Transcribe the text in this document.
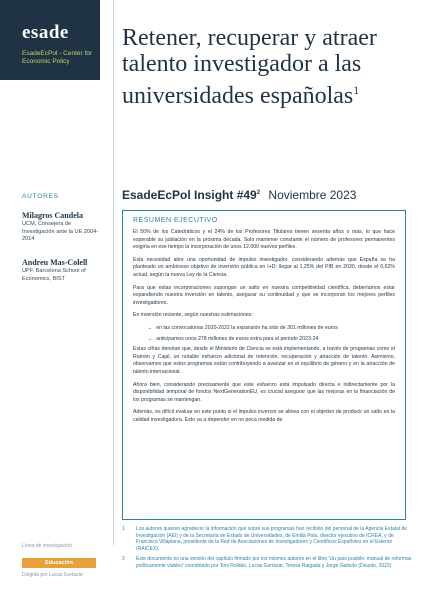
esade
EsadeEcPol - Center for Economic Policy
AUTORES
Milagros Candela
UCM, Consejera de Investigación ante la UE 2004-2014
Andreu Mas-Colell
UPF, Barcelona School of Economics, BIST
Línea de investigación
Educación
Dirigida por Lucas Gortazar
Retener, recuperar y atraer talento investigador a las universidades españolas$^1$
EsadeEcPol Insight $\#49^2$ Noviembre 2023
RESUMEN EJECUTIVO

El 50% de los Catedráticos y el 24% de los Profesores Titulares tienen sesenta años o más, lo que hace esperable su jubilación en la próxima década. Solo mantener constante el número de profesores permanentes exigiría en ese tiempo la incorporación de unos 12.000 nuevos perfiles.

Esta necesidad abre una oportunidad de impulso investigador, considerando además que España se ha planteado un ambicioso objetivo de inversión pública en I+D: llegar al 1,25% del PIB en 2030, desde el 0,62% actual, según la nueva Ley de la Ciencia.

Para que estas incorporaciones supongan un salto en nuestra competitividad científica, deberíamos estar expandiendo nuestra inversión en talento, asegurar su continuidad y que se incorporan los mejores perfiles investigadores.

En inversión reciente, según nuestras estimaciones:

→ en las convocatorias 2020-2022 la expansión ha sido de 301 millones de euros

→ anticipamos unos 278 millones de euros extra para el periodo 2023-24

Estas cifras denotan que, desde el Ministerio de Ciencia se está implementando, a través de programas como el Ramón y Cajal, un notable esfuerzo adicional de retención, recuperación y atracción de talento. Asimismo, observamos que estos programas están contribuyendo a avanzar en el equilibrio de género y en la atracción de talento internacional.

Ahora bien, considerando precisamente que este esfuerzo está impulsado directa e indirectamente por la disponibilidad temporal de fondos NextGenerationEU, es crucial asegurar que las mejoras en la financiación de los programas se mantengan.

Además, es difícil evaluar en este punto si el impulso inversor se alinea con el objetivo de producir un salto en la calidad investigadora. Esto va a depender en no poca medida de

1 Los autores quieren agradecer la información que sobre sus programas han recibido del personal de la Agencia Estatal de Investigación (AEI) y de la Secretaría de Estado de Universidades, de Emilià Pola, director ejecutivo de ICREA, y de Francisco Villaplana, presidente de la Red de Asociaciones de Investigadores y Científicos Españoles en el Exterior (RAICEX).
2 Este documento es una versión del capítulo firmado por los mismos autores en el libro 'Un país posible: manual de reformas políticamente viables' coordinado por Toni Roldán, Lucas Gortazar, Teresa Raigada y Jorge Galindo (Deusto, 2023)
